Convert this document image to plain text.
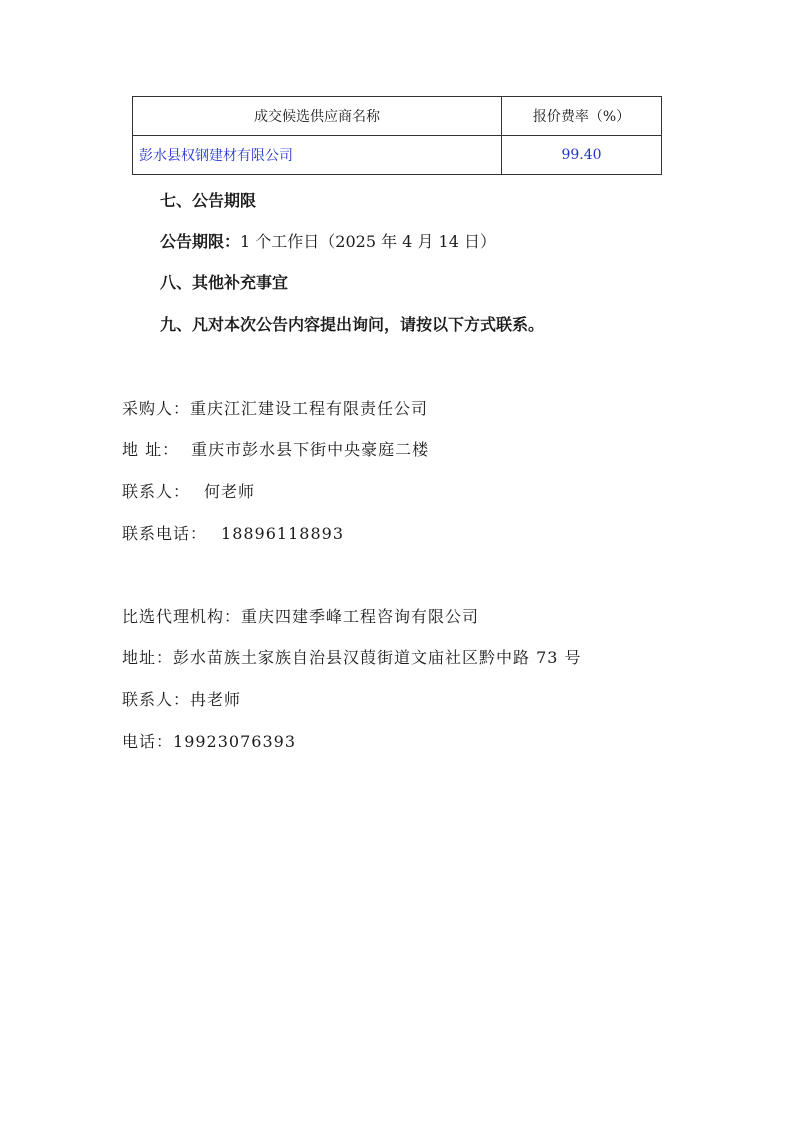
成交候选供应商名称	报价费率（%）
彭水县权钢建材有限公司	99.40
七、公告期限
公告期限：1 个工作日（2025 年 4 月 14 日）
八、其他补充事宜
九、凡对本次公告内容提出询问，请按以下方式联系。
采购人：重庆江汇建设工程有限责任公司
地 址： 重庆市彭水县下街中央豪庭二楼
联系人： 何老师
联系电话： 18896118893
比选代理机构：重庆四建季峰工程咨询有限公司
地址：彭水苗族土家族自治县汉葭街道文庙社区黔中路 73 号
联系人：冉老师
电话：19923076393
